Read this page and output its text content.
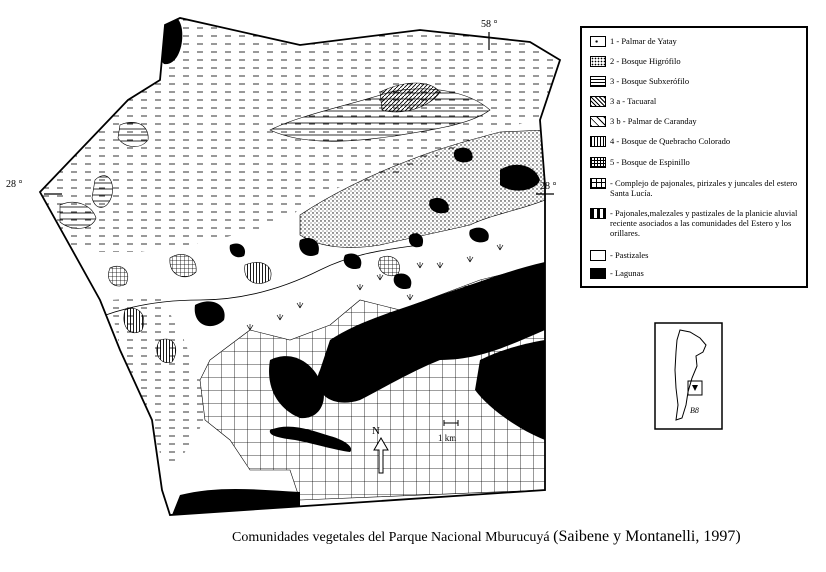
58 °
58 °
28 °	28 °
N
1 km
B8
1 - Palmar de Yatay
2 - Bosque Higrófilo
3 - Bosque Subxerófilo
3 a - Tacuaral
3 b - Palmar de Caranday
4 - Bosque de Quebracho Colorado
5 - Bosque de Espinillo
- Complejo de pajonales, pirizales y juncales del estero Santa Lucía.
- Pajonales,malezales y pastizales de la planicie aluvial reciente asociados a las comunidades del Estero y los orillares.
- Pastizales
- Lagunas
Comunidades vegetales del Parque Nacional Mburucuyá (Saibene y Montanelli, 1997)
